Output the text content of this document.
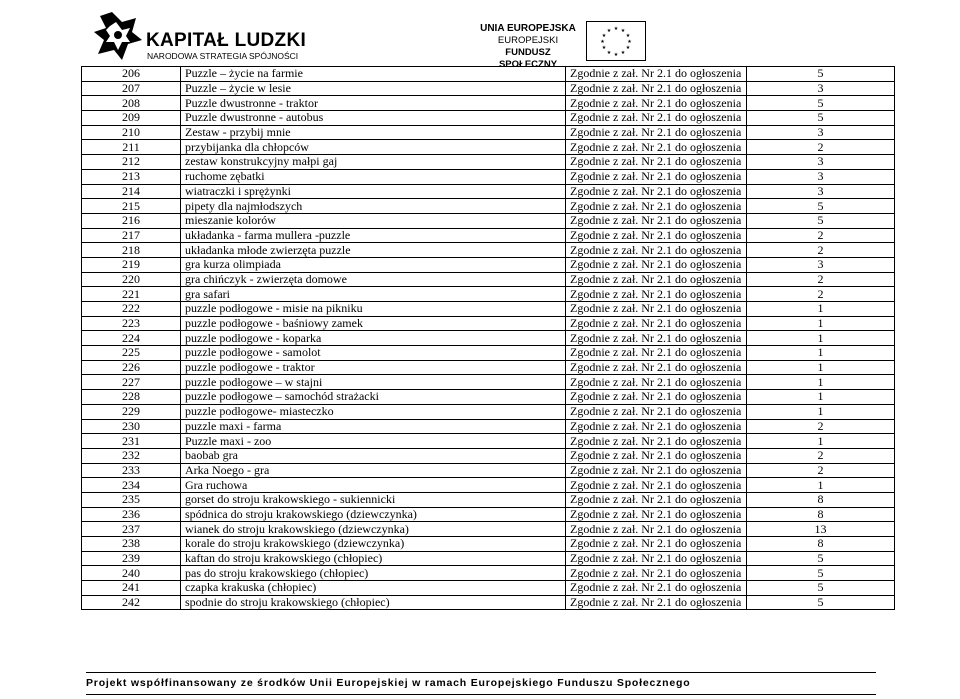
KAPITAŁ LUDZKI
NARODOWA STRATEGIA SPÓJNOŚCI
UNIA EUROPEJSKA
EUROPEJSKI
FUNDUSZ SPOŁECZNY
★ ★
★
★
★
★
★
★
★
★
★
★
206	Puzzle – życie na farmie	Zgodnie z zał. Nr 2.1 do ogłoszenia	5
207	Puzzle – życie w lesie	Zgodnie z zał. Nr 2.1 do ogłoszenia	3
208	Puzzle dwustronne - traktor	Zgodnie z zał. Nr 2.1 do ogłoszenia	5
209	Puzzle dwustronne - autobus	Zgodnie z zał. Nr 2.1 do ogłoszenia	5
210	Zestaw - przybij mnie	Zgodnie z zał. Nr 2.1 do ogłoszenia	3
211	przybijanka dla chłopców	Zgodnie z zał. Nr 2.1 do ogłoszenia	2
212	zestaw konstrukcyjny małpi gaj	Zgodnie z zał. Nr 2.1 do ogłoszenia	3
213	ruchome zębatki	Zgodnie z zał. Nr 2.1 do ogłoszenia	3
214	wiatraczki i sprężynki	Zgodnie z zał. Nr 2.1 do ogłoszenia	3
215	pipety dla najmłodszych	Zgodnie z zał. Nr 2.1 do ogłoszenia	5
216	mieszanie kolorów	Zgodnie z zał. Nr 2.1 do ogłoszenia	5
217	układanka - farma mullera -puzzle	Zgodnie z zał. Nr 2.1 do ogłoszenia	2
218	układanka młode zwierzęta puzzle	Zgodnie z zał. Nr 2.1 do ogłoszenia	2
219	gra kurza olimpiada	Zgodnie z zał. Nr 2.1 do ogłoszenia	3
220	gra chińczyk - zwierzęta domowe	Zgodnie z zał. Nr 2.1 do ogłoszenia	2
221	gra safari	Zgodnie z zał. Nr 2.1 do ogłoszenia	2
222	puzzle podłogowe - misie na pikniku	Zgodnie z zał. Nr 2.1 do ogłoszenia	1
223	puzzle podłogowe - baśniowy zamek	Zgodnie z zał. Nr 2.1 do ogłoszenia	1
224	puzzle podłogowe - koparka	Zgodnie z zał. Nr 2.1 do ogłoszenia	1
225	puzzle podłogowe - samolot	Zgodnie z zał. Nr 2.1 do ogłoszenia	1
226	puzzle podłogowe - traktor	Zgodnie z zał. Nr 2.1 do ogłoszenia	1
227	puzzle podłogowe – w stajni	Zgodnie z zał. Nr 2.1 do ogłoszenia	1
228	puzzle podłogowe – samochód strażacki	Zgodnie z zał. Nr 2.1 do ogłoszenia	1
229	puzzle podłogowe- miasteczko	Zgodnie z zał. Nr 2.1 do ogłoszenia	1
230	puzzle maxi - farma	Zgodnie z zał. Nr 2.1 do ogłoszenia	2
231	Puzzle maxi - zoo	Zgodnie z zał. Nr 2.1 do ogłoszenia	1
232	baobab gra	Zgodnie z zał. Nr 2.1 do ogłoszenia	2
233	Arka Noego - gra	Zgodnie z zał. Nr 2.1 do ogłoszenia	2
234	Gra ruchowa	Zgodnie z zał. Nr 2.1 do ogłoszenia	1
235	gorset do stroju krakowskiego - sukiennicki	Zgodnie z zał. Nr 2.1 do ogłoszenia	8
236	spódnica do stroju krakowskiego (dziewczynka)	Zgodnie z zał. Nr 2.1 do ogłoszenia	8
237	wianek do stroju krakowskiego (dziewczynka)	Zgodnie z zał. Nr 2.1 do ogłoszenia	13
238	korale do stroju krakowskiego (dziewczynka)	Zgodnie z zał. Nr 2.1 do ogłoszenia	8
239	kaftan do stroju krakowskiego (chłopiec)	Zgodnie z zał. Nr 2.1 do ogłoszenia	5
240	pas do stroju krakowskiego (chłopiec)	Zgodnie z zał. Nr 2.1 do ogłoszenia	5
241	czapka krakuska (chłopiec)	Zgodnie z zał. Nr 2.1 do ogłoszenia	5
242	spodnie do stroju krakowskiego (chłopiec)	Zgodnie z zał. Nr 2.1 do ogłoszenia	5
Projekt współfinansowany ze środków Unii Europejskiej w ramach Europejskiego Funduszu Społecznego
